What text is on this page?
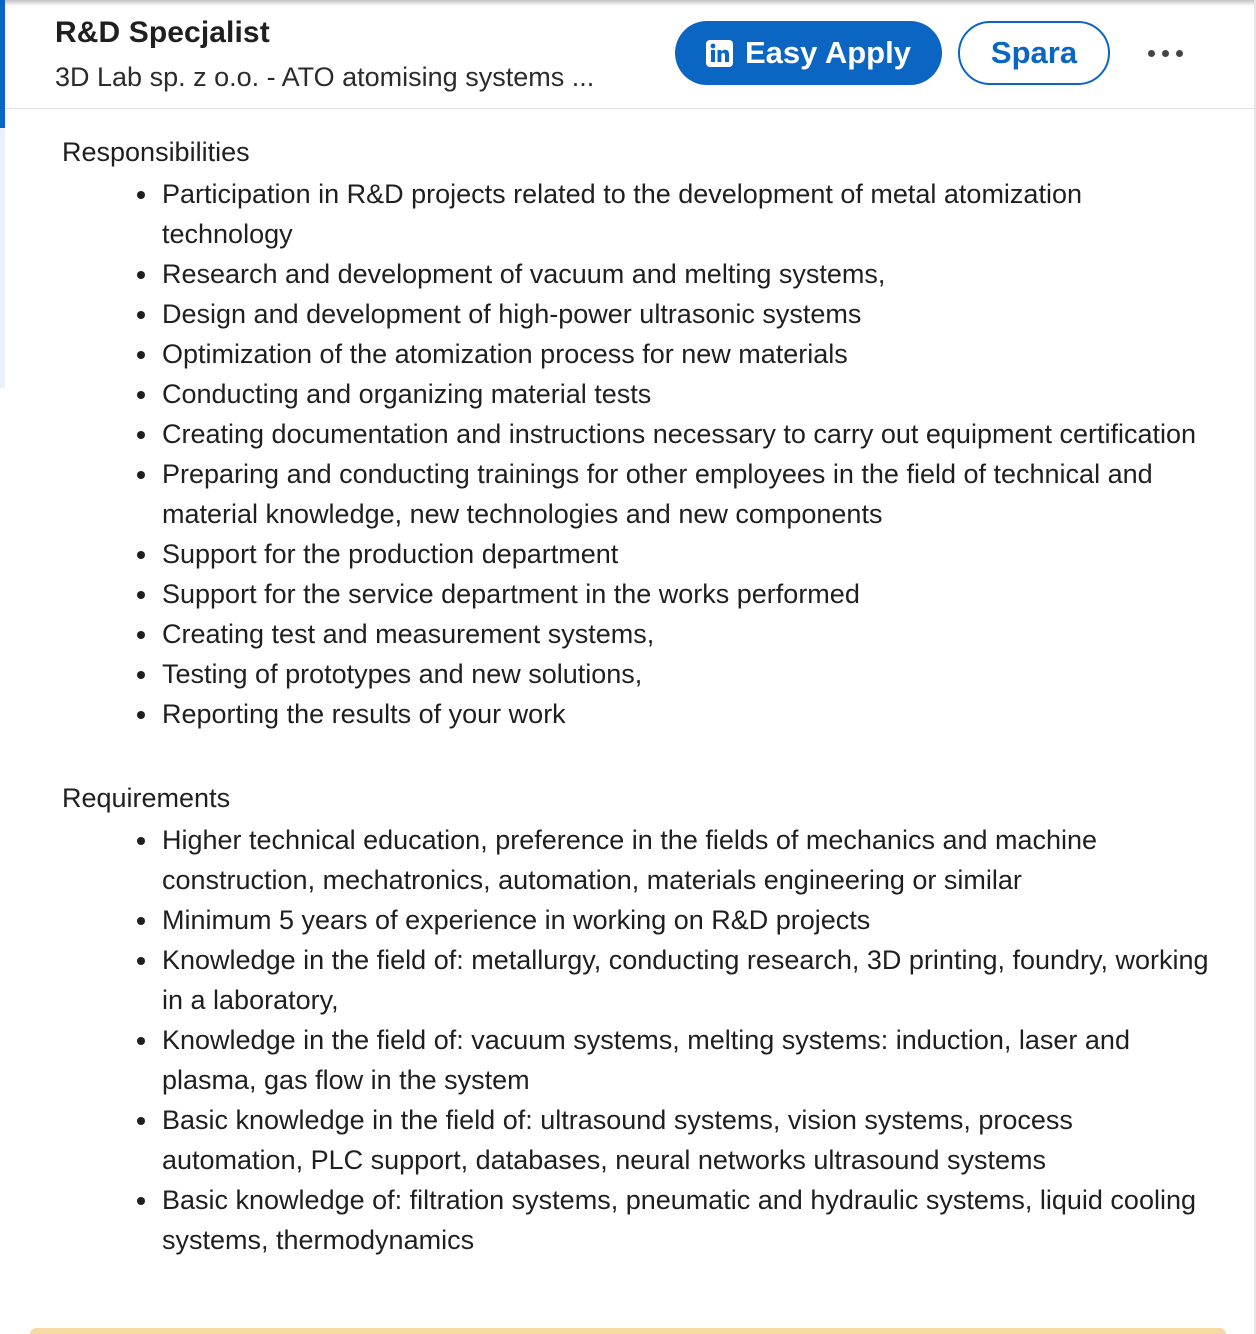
R&D Specjalist
3D Lab sp. z o.o. - ATO atomising systems ...
Easy Apply	Spara
Responsibilities
Participation in R&D projects related to the development of metal atomization technology
Research and development of vacuum and melting systems,
Design and development of high-power ultrasonic systems
Optimization of the atomization process for new materials
Conducting and organizing material tests
Creating documentation and instructions necessary to carry out equipment certification
Preparing and conducting trainings for other employees in the field of technical and material knowledge, new technologies and new components
Support for the production department
Support for the service department in the works performed
Creating test and measurement systems,
Testing of prototypes and new solutions,
Reporting the results of your work
Requirements
Higher technical education, preference in the fields of mechanics and machine construction, mechatronics, automation, materials engineering or similar
Minimum 5 years of experience in working on R&D projects
Knowledge in the field of: metallurgy, conducting research, 3D printing, foundry, working in a laboratory,
Knowledge in the field of: vacuum systems, melting systems: induction, laser and plasma, gas flow in the system
Basic knowledge in the field of: ultrasound systems, vision systems, process automation, PLC support, databases, neural networks ultrasound systems
Basic knowledge of: filtration systems, pneumatic and hydraulic systems, liquid cooling systems, thermodynamics
